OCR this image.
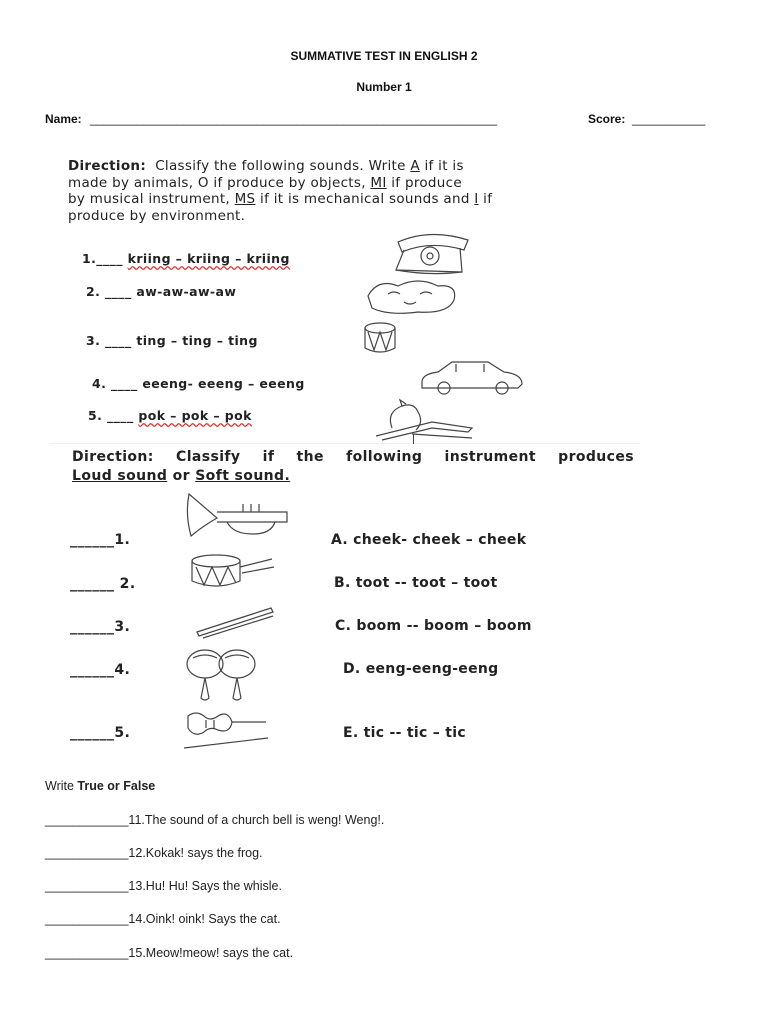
SUMMATIVE TEST IN ENGLISH 2
Number 1
Name: _____________________________________________________________	Score: ___________
Direction: Classify the following sounds. Write A if it is
made by animals, O if produce by objects, MI if produce
by musical instrument, MS if it is mechanical sounds and I if
produce by environment.
1.____ kriing – kriing – kriing
2. ____ aw-aw-aw-aw
3. ____ ting – ting – ting
4. ____ eeeng- eeeng – eeeng
5. ____ pok – pok – pok
Direction: Classify if the following instrument produces
Loud sound or Soft sound.
______1.
______ 2.
______3.
______4.
______5.
A. cheek- cheek – cheek
B. toot -- toot – toot
C. boom -- boom – boom
D. eeng-eeng-eeng
E. tic -- tic – tic
Write True or False
____________11.The sound of a church bell is weng! Weng!.
____________12.Kokak! says the frog.
____________13.Hu! Hu! Says the whisle.
____________14.Oink! oink! Says the cat.
____________15.Meow!meow! says the cat.
